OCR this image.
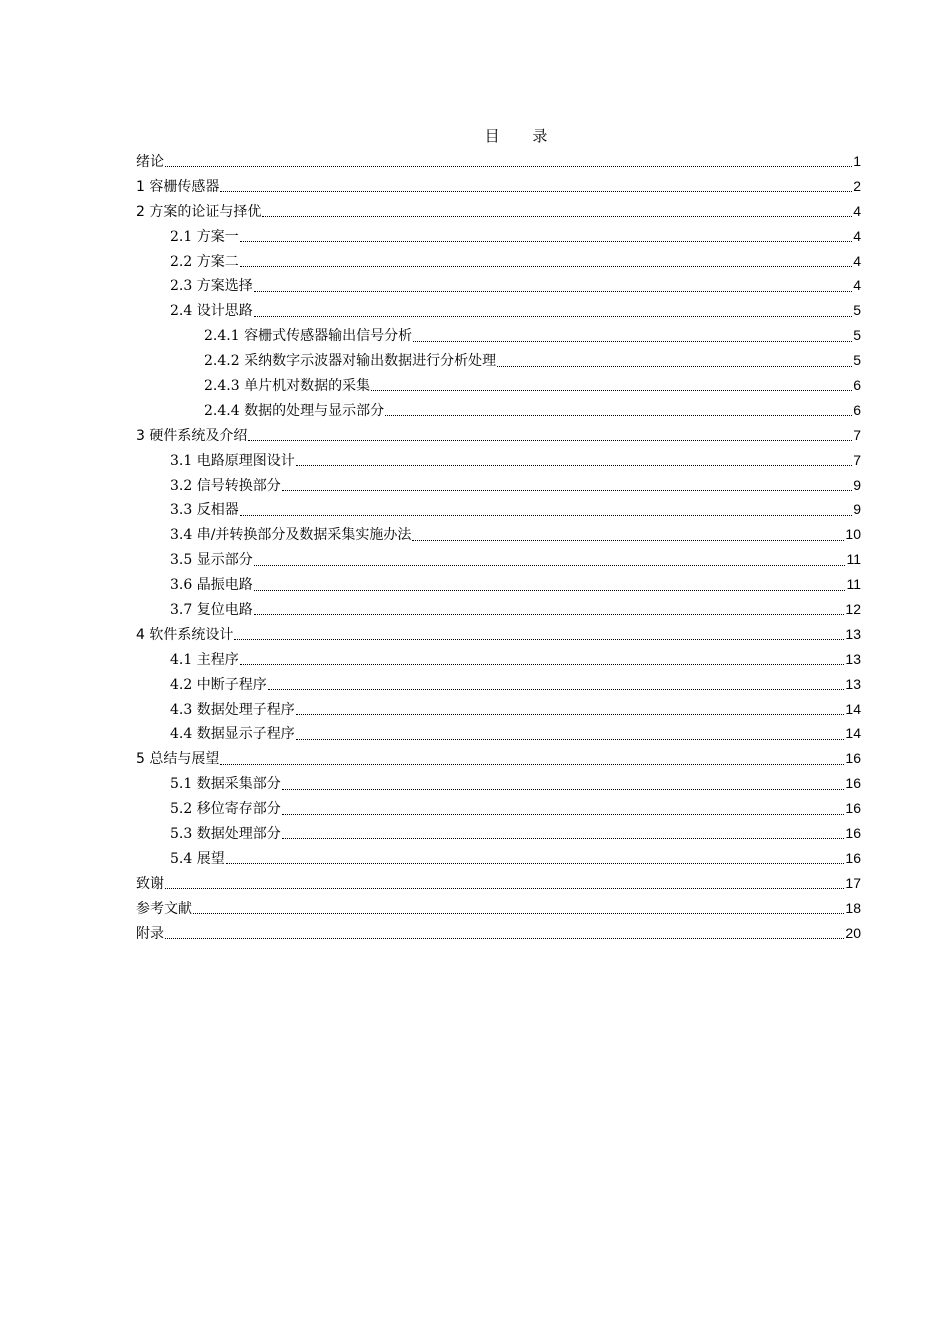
目 录
绪论	1
1 容栅传感器	2
2 方案的论证与择优	4
2.1 方案一	4
2.2 方案二	4
2.3 方案选择	4
2.4 设计思路	5
2.4.1 容栅式传感器输出信号分析	5
2.4.2 采纳数字示波器对输出数据进行分析处理	5
2.4.3 单片机对数据的采集	6
2.4.4 数据的处理与显示部分	6
3 硬件系统及介绍	7
3.1 电路原理图设计	7
3.2 信号转换部分	9
3.3 反相器	9
3.4 串/并转换部分及数据采集实施办法	10
3.5 显示部分	11
3.6 晶振电路	11
3.7 复位电路	12
4 软件系统设计	13
4.1 主程序	13
4.2 中断子程序	13
4.3 数据处理子程序	14
4.4 数据显示子程序	14
5 总结与展望	16
5.1 数据采集部分	16
5.2 移位寄存部分	16
5.3 数据处理部分	16
5.4 展望	16
致谢	17
参考文献	18
附录	20
